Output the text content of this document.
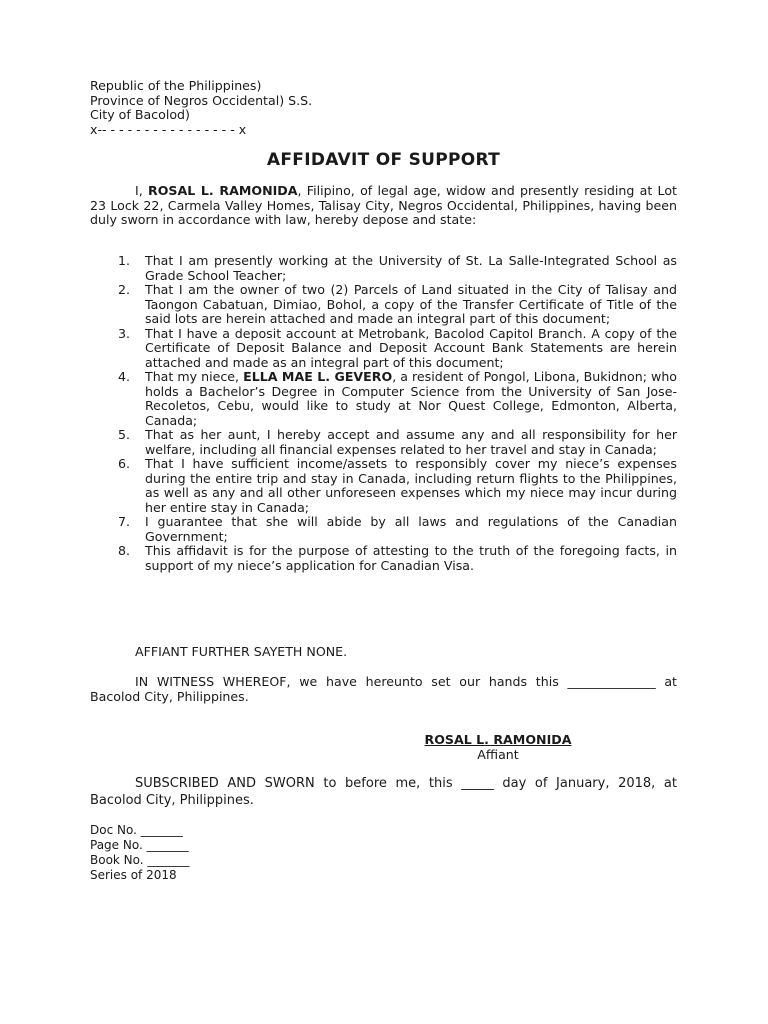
Republic of the Philippines)
Province of Negros Occidental) S.S.
City of Bacolod)
x-- - - - - - - - - - - - - - - - x
AFFIDAVIT OF SUPPORT
I, ROSAL L. RAMONIDA, Filipino, of legal age, widow and presently residing at Lot 23 Lock 22, Carmela Valley Homes, Talisay City, Negros Occidental, Philippines, having been duly sworn in accordance with law, hereby depose and state:
1. That I am presently working at the University of St. La Salle-Integrated School as Grade School Teacher;
2. That I am the owner of two (2) Parcels of Land situated in the City of Talisay and Taongon Cabatuan, Dimiao, Bohol, a copy of the Transfer Certificate of Title of the said lots are herein attached and made an integral part of this document;
3. That I have a deposit account at Metrobank, Bacolod Capitol Branch. A copy of the Certificate of Deposit Balance and Deposit Account Bank Statements are herein attached and made as an integral part of this document;
4. That my niece, ELLA MAE L. GEVERO, a resident of Pongol, Libona, Bukidnon; who holds a Bachelor’s Degree in Computer Science from the University of San Jose-Recoletos, Cebu, would like to study at Nor Quest College, Edmonton, Alberta, Canada;
5. That as her aunt, I hereby accept and assume any and all responsibility for her welfare, including all financial expenses related to her travel and stay in Canada;
6. That I have sufficient income/assets to responsibly cover my niece’s expenses during the entire trip and stay in Canada, including return flights to the Philippines, as well as any and all other unforeseen expenses which my niece may incur during her entire stay in Canada;
7. I guarantee that she will abide by all laws and regulations of the Canadian Government;
8. This affidavit is for the purpose of attesting to the truth of the foregoing facts, in support of my niece’s application for Canadian Visa.
AFFIANT FURTHER SAYETH NONE.
IN WITNESS WHEREOF, we have hereunto set our hands this ______________ at Bacolod City, Philippines.
ROSAL L. RAMONIDA
Affiant
SUBSCRIBED AND SWORN to before me, this _____ day of January, 2018, at Bacolod City, Philippines.
Doc No. _______
Page No. _______
Book No. _______
Series of 2018
